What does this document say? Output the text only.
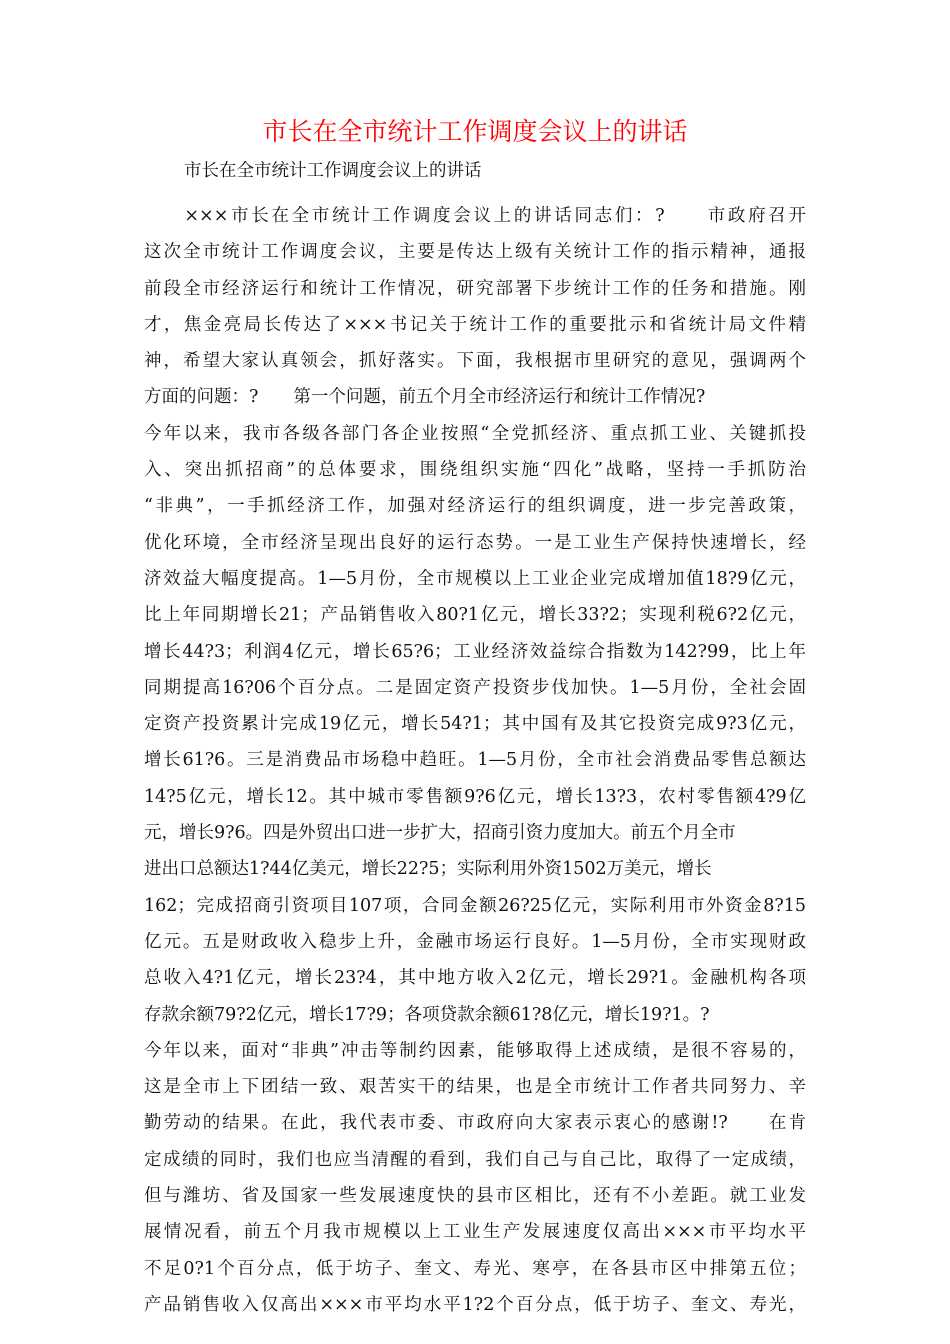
市长在全市统计工作调度会议上的讲话
市长在全市统计工作调度会议上的讲话
　　×××市长在全市统计工作调度会议上的讲话同志们：?　　市政府召开
这次全市统计工作调度会议，主要是传达上级有关统计工作的指示精神，通报
前段全市经济运行和统计工作情况，研究部署下步统计工作的任务和措施。刚
才，焦金亮局长传达了×××书记关于统计工作的重要批示和省统计局文件精
神，希望大家认真领会，抓好落实。下面，我根据市里研究的意见，强调两个
方面的问题：?　　第一个问题，前五个月全市经济运行和统计工作情况?
今年以来，我市各级各部门各企业按照“全党抓经济、重点抓工业、关键抓投
入、突出抓招商”的总体要求，围绕组织实施“四化”战略，坚持一手抓防治
“非典”，一手抓经济工作，加强对经济运行的组织调度，进一步完善政策，
优化环境，全市经济呈现出良好的运行态势。一是工业生产保持快速增长，经
济效益大幅度提高。1—5月份，全市规模以上工业企业完成增加值18?9亿元，
比上年同期增长21；产品销售收入80?1亿元，增长33?2；实现利税6?2亿元，
增长44?3；利润4亿元，增长65?6；工业经济效益综合指数为142?99，比上年
同期提高16?06个百分点。二是固定资产投资步伐加快。1—5月份，全社会固
定资产投资累计完成19亿元，增长54?1；其中国有及其它投资完成9?3亿元，
增长61?6。三是消费品市场稳中趋旺。1—5月份，全市社会消费品零售总额达
14?5亿元，增长12。其中城市零售额9?6亿元，增长13?3，农村零售额4?9亿
元，增长9?6。四是外贸出口进一步扩大，招商引资力度加大。前五个月全市
进出口总额达1?44亿美元，增长22?5；实际利用外资1502万美元，增长
162；完成招商引资项目107项，合同金额26?25亿元，实际利用市外资金8?15
亿元。五是财政收入稳步上升，金融市场运行良好。1—5月份，全市实现财政
总收入4?1亿元，增长23?4，其中地方收入2亿元，增长29?1。金融机构各项
存款余额79?2亿元，增长17?9；各项贷款余额61?8亿元，增长19?1。?
今年以来，面对“非典”冲击等制约因素，能够取得上述成绩，是很不容易的，
这是全市上下团结一致、艰苦实干的结果，也是全市统计工作者共同努力、辛
勤劳动的结果。在此，我代表市委、市政府向大家表示衷心的感谢!?　　在肯
定成绩的同时，我们也应当清醒的看到，我们自己与自己比，取得了一定成绩，
但与潍坊、省及国家一些发展速度快的县市区相比，还有不小差距。就工业发
展情况看，前五个月我市规模以上工业生产发展速度仅高出×××市平均水平
不足0?1个百分点，低于坊子、奎文、寿光、寒亭，在各县市区中排第五位；
产品销售收入仅高出×××市平均水平1?2个百分点，低于坊子、奎文、寿光，
